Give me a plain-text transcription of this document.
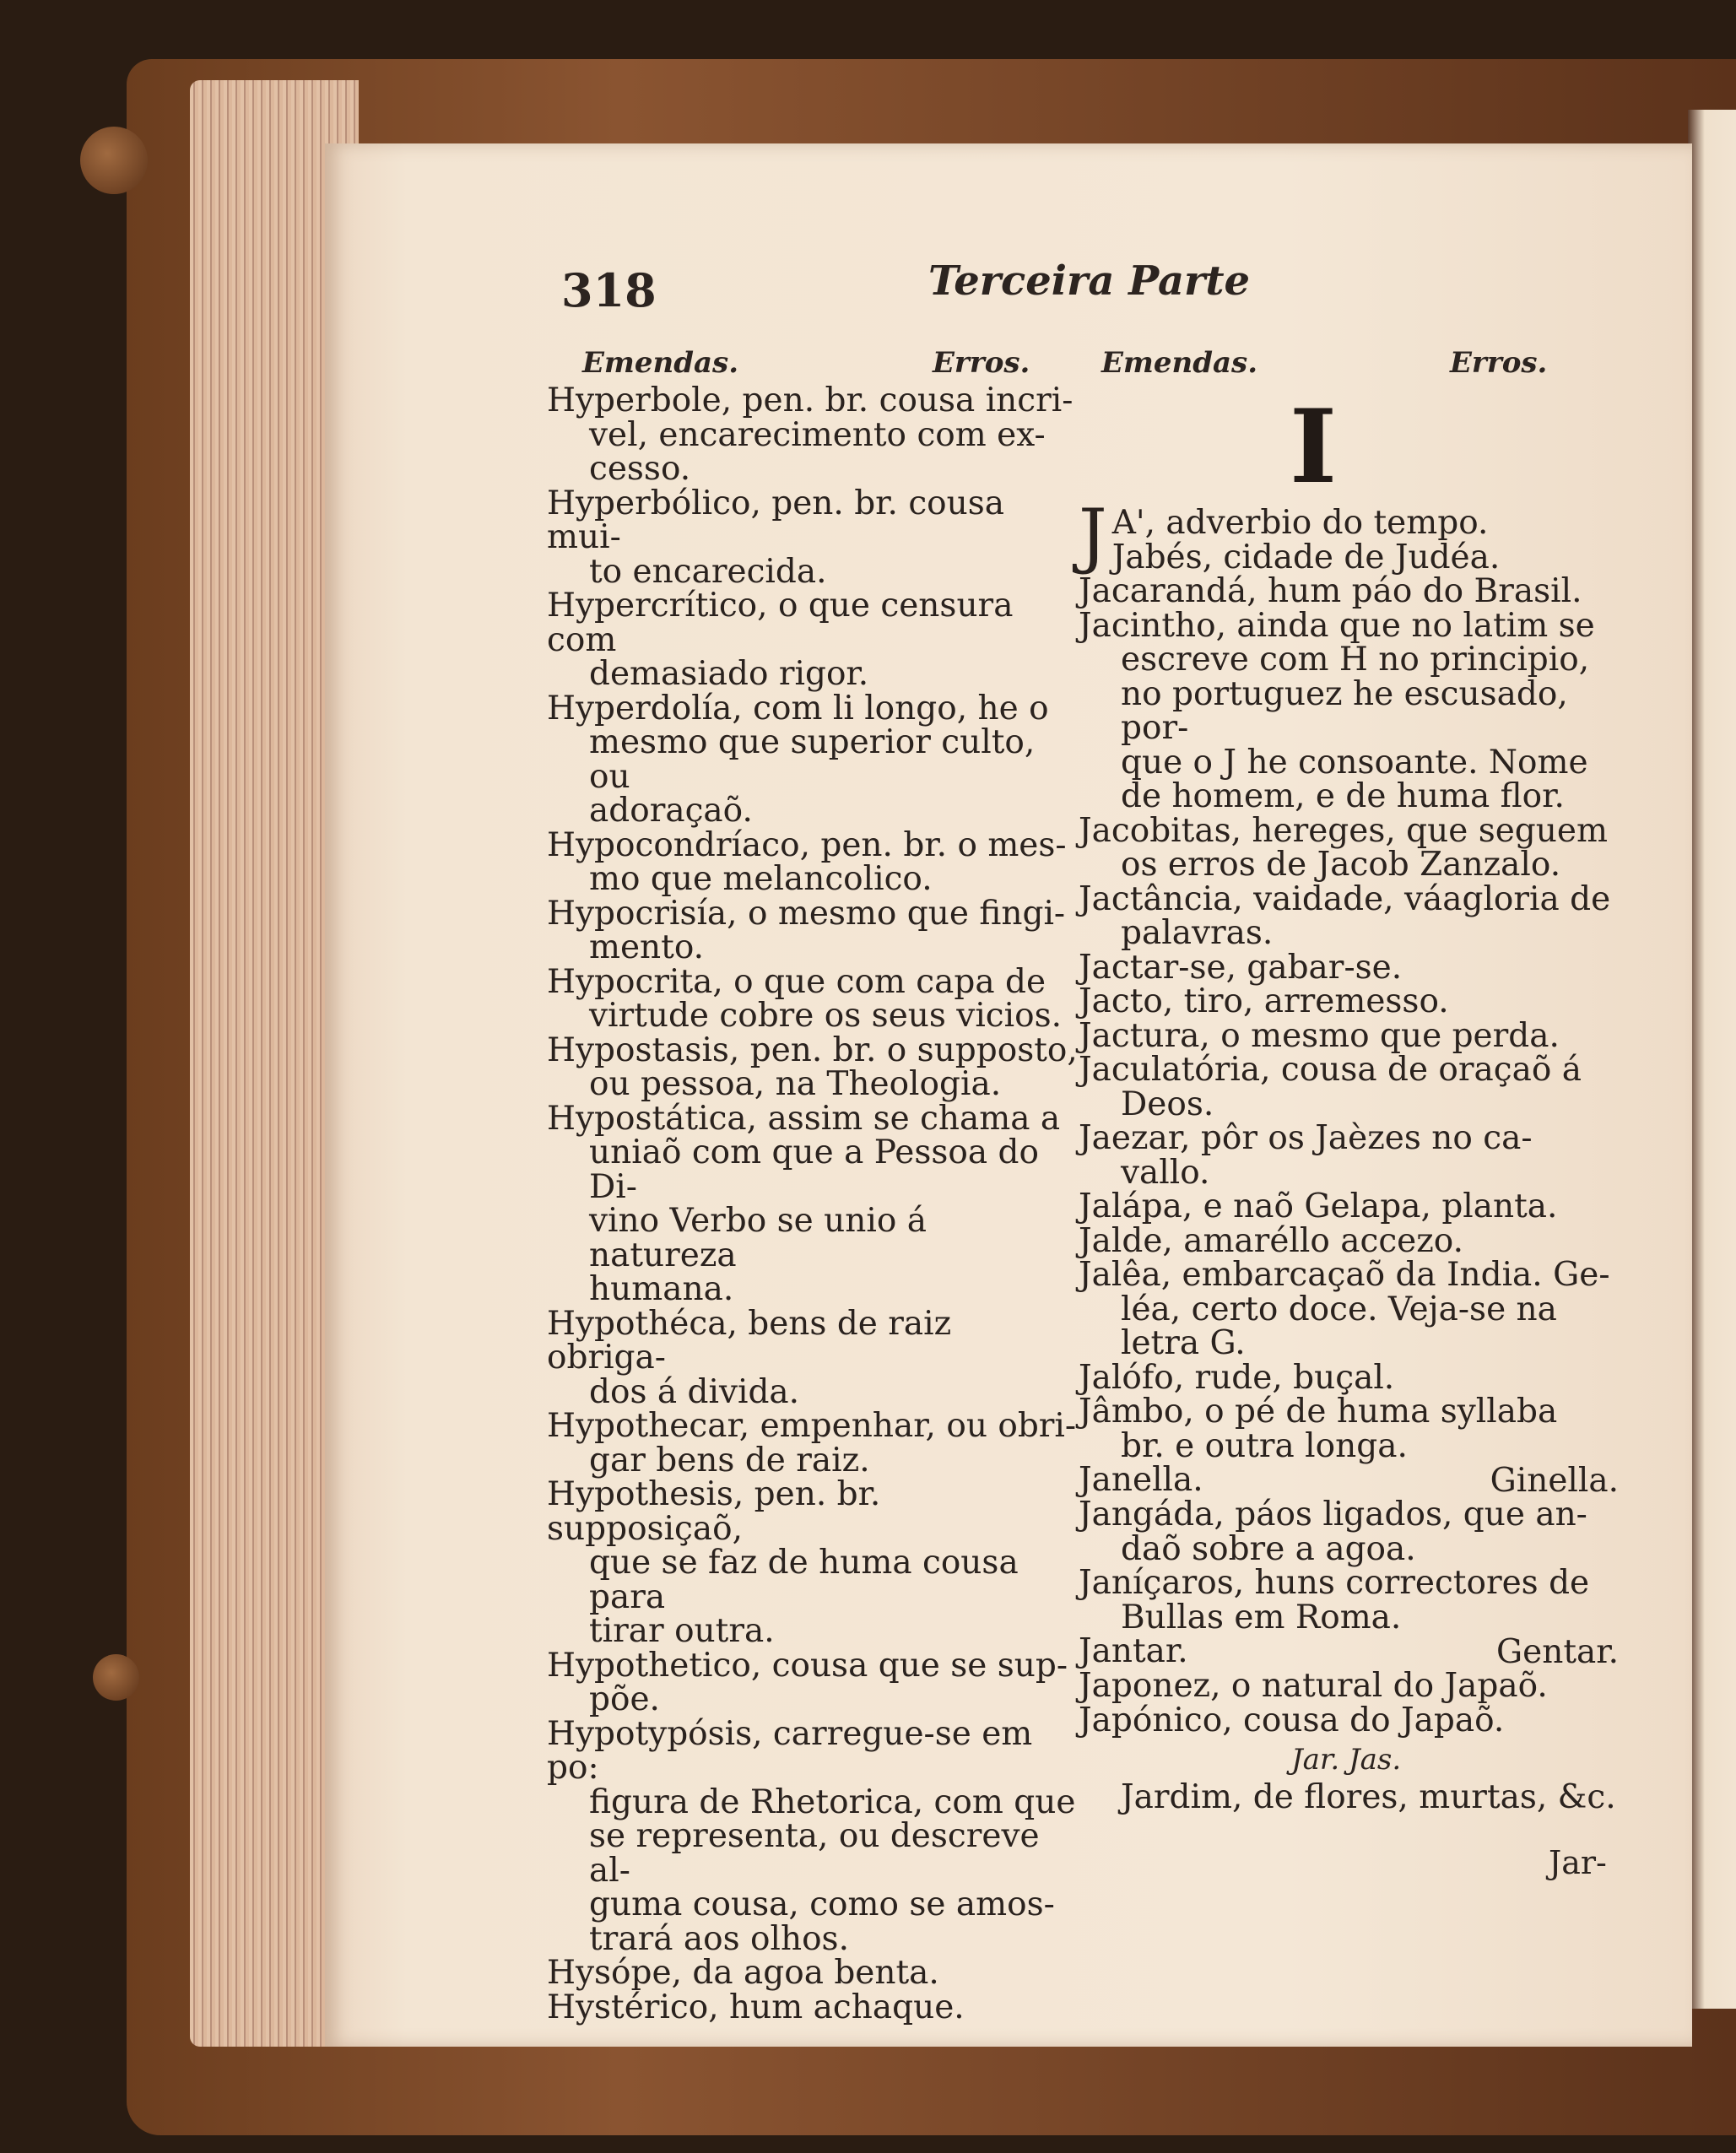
318	Terceira Parte
Emendas.	Erros. Emendas.	Erros.
Hyperbole, pen. br. cousa incri-
vel, encarecimento com ex-
cesso.
Hyperbólico, pen. br. cousa mui-
to encarecida.
Hypercrítico, o que censura com
demasiado rigor.
Hyperdolía, com li longo, he o
mesmo que superior culto, ou
adoraçaõ.
Hypocondríaco, pen. br. o mes-
mo que melancolico.
Hypocrisía, o mesmo que fingi-
mento.
Hypocrita, o que com capa de
virtude cobre os seus vicios.
Hypostasis, pen. br. o supposto,
ou pessoa, na Theologia.
Hypostática, assim se chama a
uniaõ com que a Pessoa do Di-
vino Verbo se unio á natureza
humana.
Hypothéca, bens de raiz obriga-
dos á divida.
Hypothecar, empenhar, ou obri-
gar bens de raiz.
Hypothesis, pen. br. supposiçaõ,
que se faz de huma cousa para
tirar outra.
Hypothetico, cousa que se sup-
põe.
Hypotypósis, carregue-se em po:
figura de Rhetorica, com que
se representa, ou descreve al-
guma cousa, como se amos-
trará aos olhos.
Hysópe, da agoa benta.
Hystérico, hum achaque.
I
J A', adverbio do tempo.
Jabés, cidade de Judéa.
Jacarandá, hum páo do Brasil.
Jacintho, ainda que no latim se
escreve com H no principio,
no portuguez he escusado, por-
que o J he consoante. Nome
de homem, e de huma flor.
Jacobitas, hereges, que seguem
os erros de Jacob Zanzalo.
Jactância, vaidade, váagloria de
palavras.
Jactar-se, gabar-se.
Jacto, tiro, arremesso.
Jactura, o mesmo que perda.
Jaculatória, cousa de oraçaõ á
Deos.
Jaezar, pôr os Jaèzes no ca-
vallo.
Jalápa, e naõ Gelapa, planta.
Jalde, amaréllo accezo.
Jalêa, embarcaçaõ da India. Ge-
léa, certo doce. Veja-se na
letra G.
Jalófo, rude, buçal.
Jâmbo, o pé de huma syllaba
br. e outra longa.
Janella.	Ginella.
Jangáda, páos ligados, que an-
daõ sobre a agoa.
Janíçaros, huns correctores de
Bullas em Roma.
Jantar.	Gentar.
Japonez, o natural do Japaõ.
Japónico, cousa do Japaõ.
Jar. Jas.
Jardim, de flores, murtas, &c.
Jar-
